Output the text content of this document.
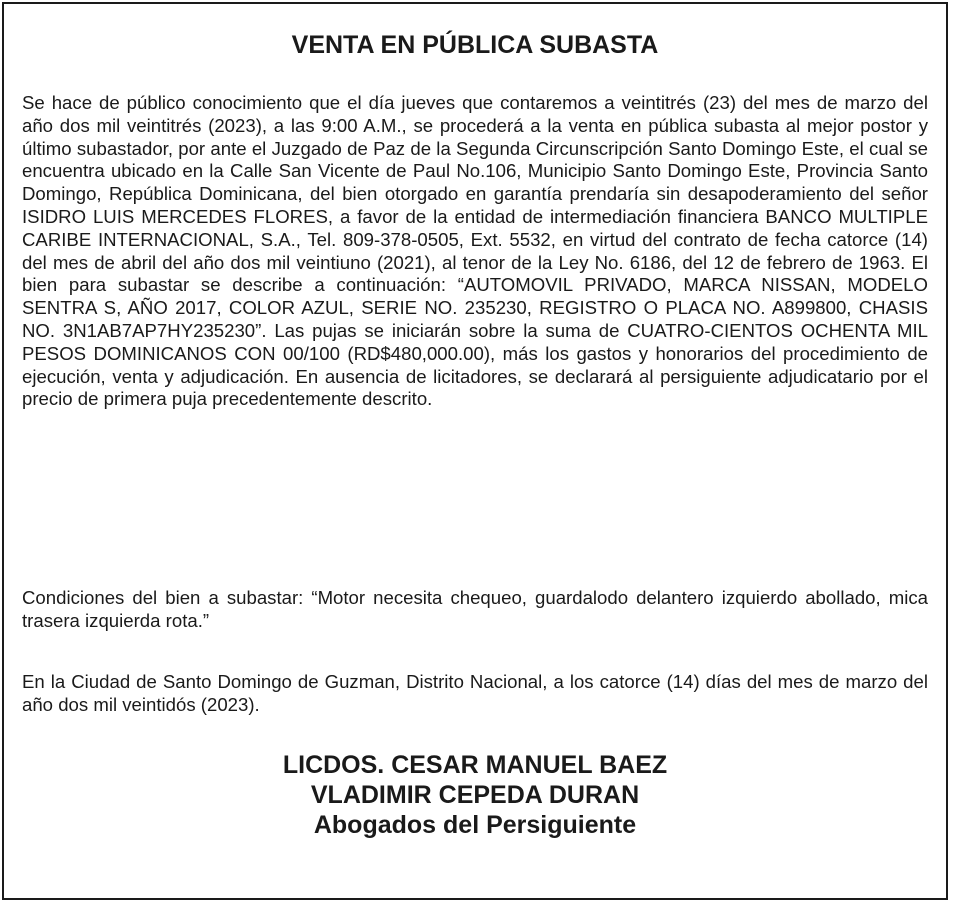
VENTA EN PÚBLICA SUBASTA

Se hace de público conocimiento que el día jueves que contaremos a veintitrés (23) del mes de marzo del año dos mil veintitrés (2023), a las 9:00 A.M., se procederá a la venta en pública subasta al mejor postor y último subastador, por ante el Juzgado de Paz de la Segunda Circunscripción Santo Domingo Este, el cual se encuentra ubicado en la Calle San Vicente de Paul No.106, Municipio Santo Domingo Este, Provincia Santo Domingo, República Dominicana, del bien otorgado en garantía prendaría sin desapoderamiento del señor ISIDRO LUIS MERCEDES FLORES, a favor de la entidad de intermediación financiera BANCO MULTIPLE CARIBE INTERNACIONAL, S.A., Tel. 809-378-0505, Ext. 5532, en virtud del contrato de fecha catorce (14) del mes de abril del año dos mil veintiuno (2021), al tenor de la Ley No. 6186, del 12 de febrero de 1963. El bien para subastar se describe a continuación: “AUTOMOVIL PRIVADO, MARCA NISSAN, MODELO SENTRA S, AÑO 2017, COLOR AZUL, SERIE NO. 235230, REGISTRO O PLACA NO. A899800, CHASIS NO. 3N1AB7AP7HY235230”. Las pujas se iniciarán sobre la suma de CUATRO-CIENTOS OCHENTA MIL PESOS DOMINICANOS CON 00/100 (RD$480,000.00), más los gastos y honorarios del procedimiento de ejecución, venta y adjudicación. En ausencia de licitadores, se declarará al persiguiente adjudicatario por el precio de primera puja precedentemente descrito.

Condiciones del bien a subastar: “Motor necesita chequeo, guardalodo delantero izquierdo abollado, mica trasera izquierda rota.”

En la Ciudad de Santo Domingo de Guzman, Distrito Nacional, a los catorce (14) días del mes de marzo del año dos mil veintidós (2023).

LICDOS. CESAR MANUEL BAEZ
VLADIMIR CEPEDA DURAN
Abogados del Persiguiente
